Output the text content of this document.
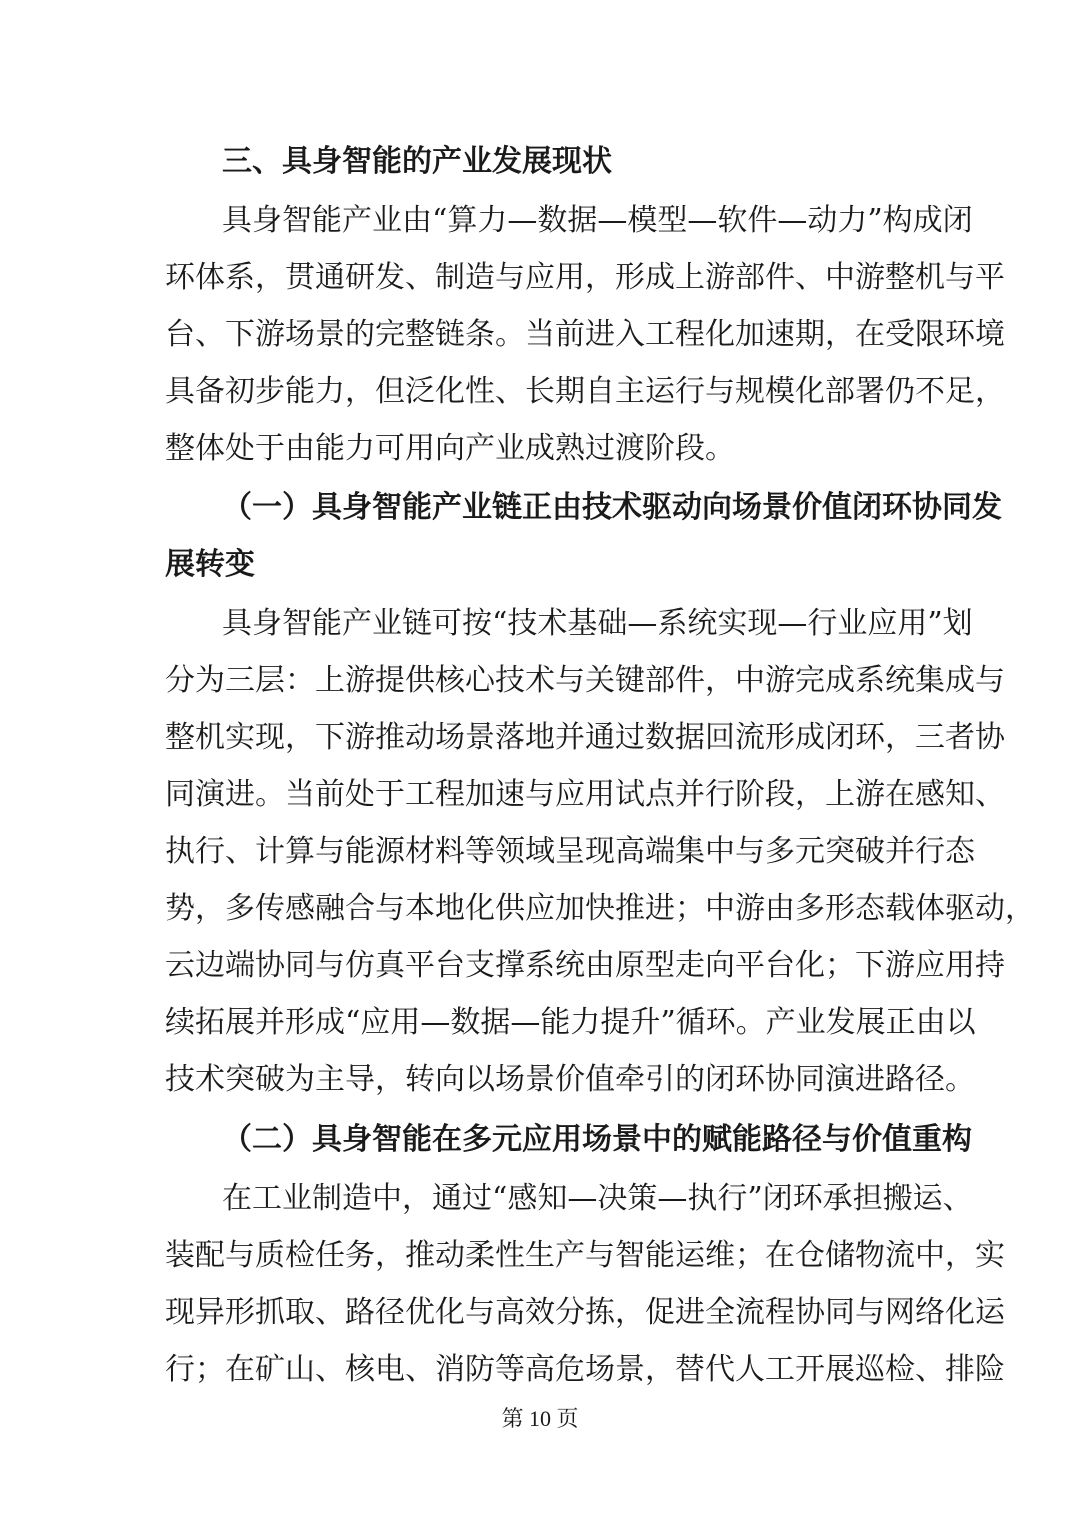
三、具身智能的产业发展现状
具身智能产业由“算力—数据—模型—软件—动力”构成闭
环体系，贯通研发、制造与应用，形成上游部件、中游整机与平
台、下游场景的完整链条。当前进入工程化加速期，在受限环境
具备初步能力，但泛化性、长期自主运行与规模化部署仍不足，
整体处于由能力可用向产业成熟过渡阶段。
（一）具身智能产业链正由技术驱动向场景价值闭环协同发
展转变
具身智能产业链可按“技术基础—系统实现—行业应用”划
分为三层：上游提供核心技术与关键部件，中游完成系统集成与
整机实现，下游推动场景落地并通过数据回流形成闭环，三者协
同演进。当前处于工程加速与应用试点并行阶段，上游在感知、
执行、计算与能源材料等领域呈现高端集中与多元突破并行态
势，多传感融合与本地化供应加快推进；中游由多形态载体驱动，
云边端协同与仿真平台支撑系统由原型走向平台化；下游应用持
续拓展并形成“应用—数据—能力提升”循环。产业发展正由以
技术突破为主导，转向以场景价值牵引的闭环协同演进路径。
（二）具身智能在多元应用场景中的赋能路径与价值重构
在工业制造中，通过“感知—决策—执行”闭环承担搬运、
装配与质检任务，推动柔性生产与智能运维；在仓储物流中，实
现异形抓取、路径优化与高效分拣，促进全流程协同与网络化运
行；在矿山、核电、消防等高危场景，替代人工开展巡检、排险
第 10 页
